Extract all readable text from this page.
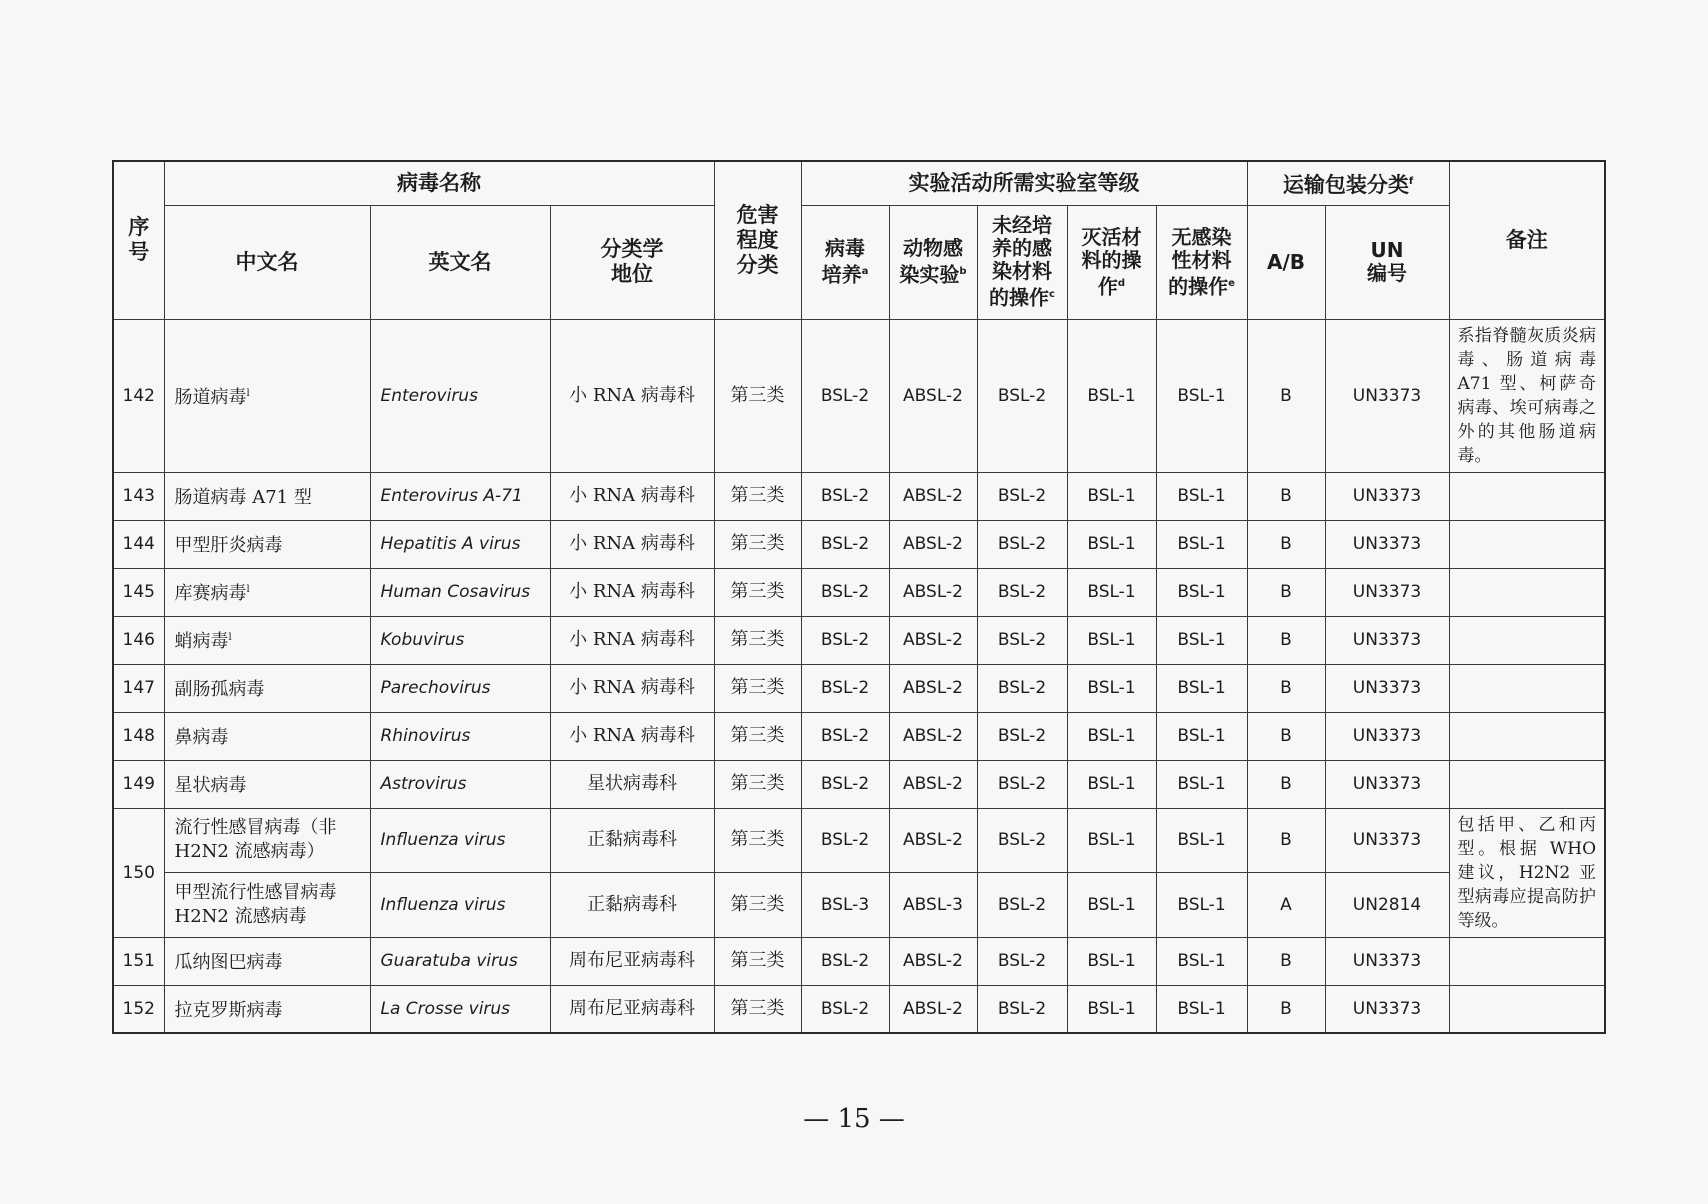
序号	病毒名称			危害程度分类	实验活动所需实验室等级					运输包装分类$^f$		备注
	中文名	英文名	分类学地位		病毒培养$^a$	动物感染实验$^b$	未经培养的感染材料的操作$^c$	灭活材料的操作$^d$	无感染性材料的操作$^e$	A/B	UN编号	
142	肠道病毒$^l$	Enterovirus	小 RNA 病毒科	第三类	BSL-2	ABSL-2	BSL-2	BSL-1	BSL-1	B	UN3373	系指脊髓灰质炎病毒、肠道病毒 A71 型、柯萨奇病毒、埃可病毒之外的其他肠道病毒。
143	肠道病毒 A71 型	Enterovirus A-71	小 RNA 病毒科	第三类	BSL-2	ABSL-2	BSL-2	BSL-1	BSL-1	B	UN3373	
144	甲型肝炎病毒	Hepatitis A virus	小 RNA 病毒科	第三类	BSL-2	ABSL-2	BSL-2	BSL-1	BSL-1	B	UN3373	
145	库赛病毒$^l$	Human Cosavirus	小 RNA 病毒科	第三类	BSL-2	ABSL-2	BSL-2	BSL-1	BSL-1	B	UN3373	
146	蛸病毒$^l$	Kobuvirus	小 RNA 病毒科	第三类	BSL-2	ABSL-2	BSL-2	BSL-1	BSL-1	B	UN3373	
147	副肠孤病毒	Parechovirus	小 RNA 病毒科	第三类	BSL-2	ABSL-2	BSL-2	BSL-1	BSL-1	B	UN3373	
148	鼻病毒	Rhinovirus	小 RNA 病毒科	第三类	BSL-2	ABSL-2	BSL-2	BSL-1	BSL-1	B	UN3373	
149	星状病毒	Astrovirus	星状病毒科	第三类	BSL-2	ABSL-2	BSL-2	BSL-1	BSL-1	B	UN3373	
150	流行性感冒病毒（非 H2N2 流感病毒）	Influenza virus	正黏病毒科	第三类	BSL-2	ABSL-2	BSL-2	BSL-1	BSL-1	B	UN3373	包括甲、乙和丙型。根据 WHO 建议，H2N2 亚型病毒应提高防护等级。
	甲型流行性感冒病毒 H2N2 流感病毒	Influenza virus	正黏病毒科	第三类	BSL-3	ABSL-3	BSL-2	BSL-1	BSL-1	A	UN2814	
151	瓜纳图巴病毒	Guaratuba virus	周布尼亚病毒科	第三类	BSL-2	ABSL-2	BSL-2	BSL-1	BSL-1	B	UN3373	
152	拉克罗斯病毒	La Crosse virus	周布尼亚病毒科	第三类	BSL-2	ABSL-2	BSL-2	BSL-1	BSL-1	B	UN3373	
— 15 —
